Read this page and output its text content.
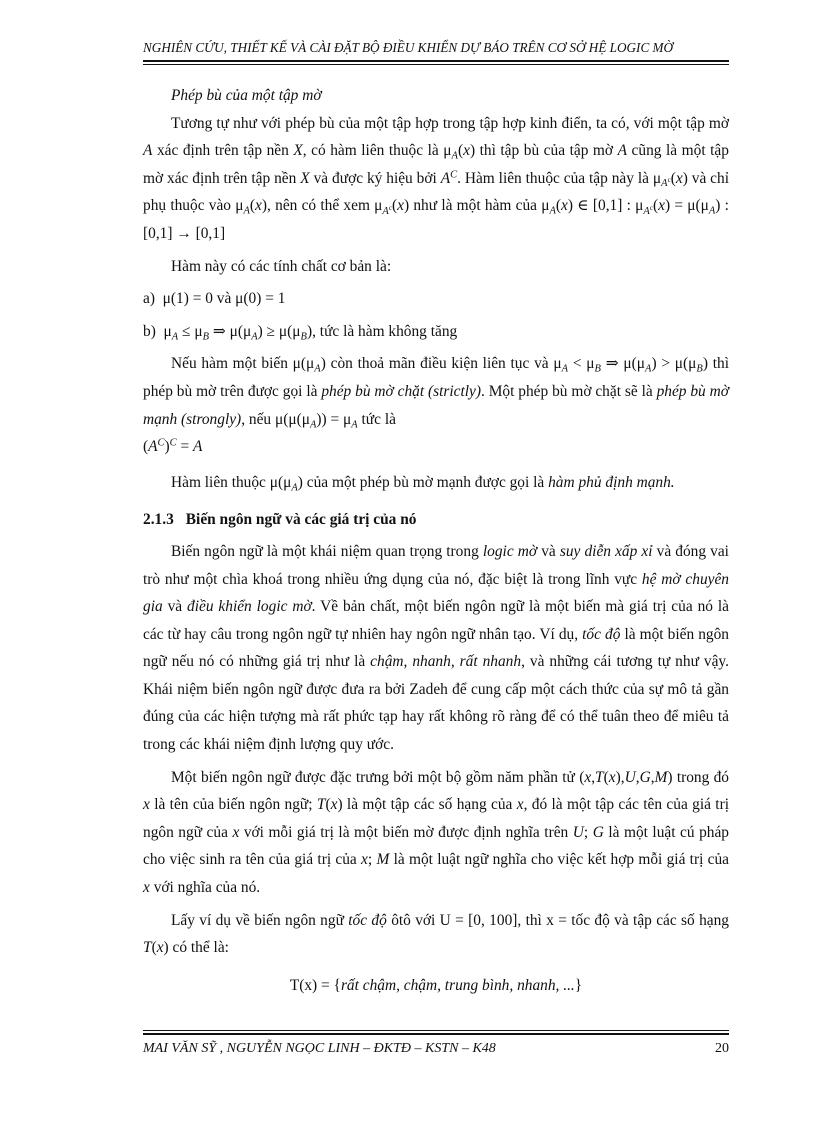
NGHIÊN CỨU, THIẾT KẾ VÀ CÀI ĐẶT BỘ ĐIỀU KHIỂN DỰ BÁO TRÊN CƠ SỞ HỆ LOGIC MỜ

Phép bù của một tập mờ

Tương tự như với phép bù của một tập hợp trong tập hợp kinh điển, ta có, với một tập mờ A xác định trên tập nền X, có hàm liên thuộc là $\mu_A(x)$ thì tập bù của tập mờ A cũng là một tập mờ xác định trên tập nền X và được ký hiệu bởi $A^C$. Hàm liên thuộc của tập này là $\mu_{A^c}(x)$ và chỉ phụ thuộc vào $\mu_A(x)$, nên có thể xem $\mu_{A^c}(x)$ như là một hàm của $\mu_A(x)$ ∈ [0,1] : $\mu_{A^c}(x) = \mu(\mu_A)$ : [0,1] → [0,1]

Hàm này có các tính chất cơ bản là:

a)  μ(1) = 0 và μ(0) = 1

b)  $\mu_A \le \mu_B$ ⇒ $\mu(\mu_A) \ge \mu(\mu_B)$, tức là hàm không tăng

Nếu hàm một biến $\mu(\mu_A)$ còn thoả mãn điều kiện liên tục và $\mu_A < \mu_B$ ⇒ $\mu(\mu_A) > \mu(\mu_B)$ thì phép bù mờ trên được gọi là phép bù mờ chặt (strictly). Một phép bù mờ chặt sẽ là phép bù mờ mạnh (strongly), nếu $\mu(\mu(\mu_A)) = \mu_A$ tức là
$(A^C)^C = A$

Hàm liên thuộc $\mu(\mu_A)$ của một phép bù mờ mạnh được gọi là hàm phủ định mạnh.

2.1.3 Biến ngôn ngữ và các giá trị của nó

Biến ngôn ngữ là một khái niệm quan trọng trong logic mờ và suy diễn xấp xỉ và đóng vai trò như một chìa khoá trong nhiều ứng dụng của nó, đặc biệt là trong lĩnh vực hệ mờ chuyên gia và điều khiển logic mờ. Về bản chất, một biến ngôn ngữ là một biến mà giá trị của nó là các từ hay câu trong ngôn ngữ tự nhiên hay ngôn ngữ nhân tạo. Ví dụ, tốc độ là một biến ngôn ngữ nếu nó có những giá trị như là chậm, nhanh, rất nhanh, và những cái tương tự như vậy. Khái niệm biến ngôn ngữ được đưa ra bởi Zadeh để cung cấp một cách thức của sự mô tả gần đúng của các hiện tượng mà rất phức tạp hay rất không rõ ràng để có thể tuân theo để miêu tả trong các khái niệm định lượng quy ước.

Một biến ngôn ngữ được đặc trưng bởi một bộ gồm năm phần tử (x,T(x),U,G,M) trong đó x là tên của biến ngôn ngữ; T(x) là một tập các số hạng của x, đó là một tập các tên của giá trị ngôn ngữ của x với mỗi giá trị là một biến mờ được định nghĩa trên U; G là một luật cú pháp cho việc sinh ra tên của giá trị của x; M là một luật ngữ nghĩa cho việc kết hợp mỗi giá trị của x với nghĩa của nó.

Lấy ví dụ về biến ngôn ngữ tốc độ ôtô với U = [0, 100], thì x = tốc độ và tập các số hạng T(x) có thể là:

T(x) = {rất chậm, chậm, trung bình, nhanh, ...}

MAI VĂN SỸ , NGUYỄN NGỌC LINH – ĐKTĐ – KSTN – K48	20
